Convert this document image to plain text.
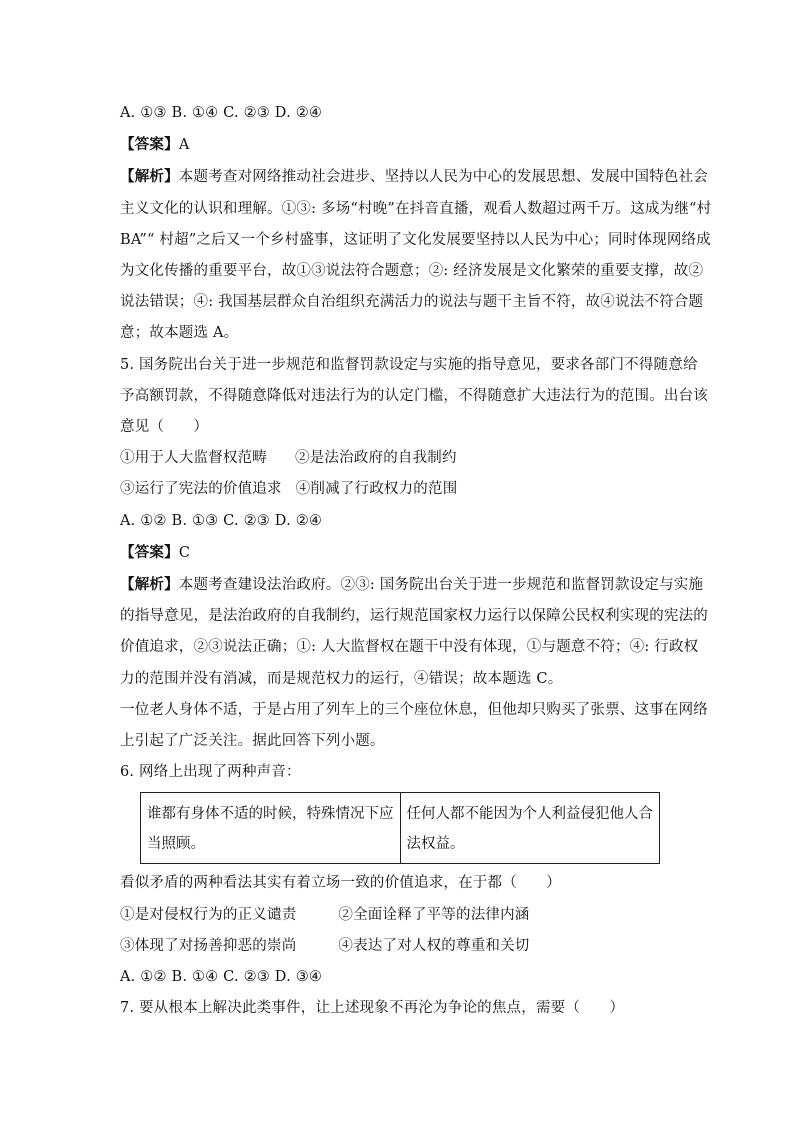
A. ①③ B. ①④ C. ②③ D. ②④
【答案】A
【解析】本题考查对网络推动社会进步、坚持以人民为中心的发展思想、发展中国特色社会
主义文化的认识和理解。①③: 多场“村晚”在抖音直播，观看人数超过两千万。这成为继“村
BA”“ 村超”之后又一个乡村盛事，这证明了文化发展要坚持以人民为中心；同时体现网络成
为文化传播的重要平台，故①③说法符合题意；②: 经济发展是文化繁荣的重要支撑，故②
说法错误；④: 我国基层群众自治组织充满活力的说法与题干主旨不符，故④说法不符合题
意；故本题选 A。
5. 国务院出台关于进一步规范和监督罚款设定与实施的指导意见，要求各部门不得随意给
予高额罚款，不得随意降低对违法行为的认定门槛，不得随意扩大违法行为的范围。出台该
意见（　　）
①用于人大监督权范畴 ②是法治政府的自我制约
③运行了宪法的价值追求 ④削减了行政权力的范围
A. ①② B. ①③ C. ②③ D. ②④
【答案】C
【解析】本题考查建设法治政府。②③: 国务院出台关于进一步规范和监督罚款设定与实施
的指导意见，是法治政府的自我制约，运行规范国家权力运行以保障公民权利实现的宪法的
价值追求，②③说法正确；①: 人大监督权在题干中没有体现，①与题意不符；④: 行政权
力的范围并没有消减，而是规范权力的运行，④错误；故本题选 C。
一位老人身体不适，于是占用了列车上的三个座位休息，但他却只购买了张票、这事在网络
上引起了广泛关注。据此回答下列小题。
6. 网络上出现了两种声音：
谁都有身体不适的时候，特殊情况下应
当照顾。

任何人都不能因为个人利益侵犯他人合
法权益。
看似矛盾的两种看法其实有着立场一致的价值追求，在于都（　　）
①是对侵权行为的正义谴责	②全面诠释了平等的法律内涵
③体现了对扬善抑恶的崇尚	④表达了对人权的尊重和关切
A. ①② B. ①④ C. ②③ D. ③④
7. 要从根本上解决此类事件，让上述现象不再沦为争论的焦点，需要（　　）
